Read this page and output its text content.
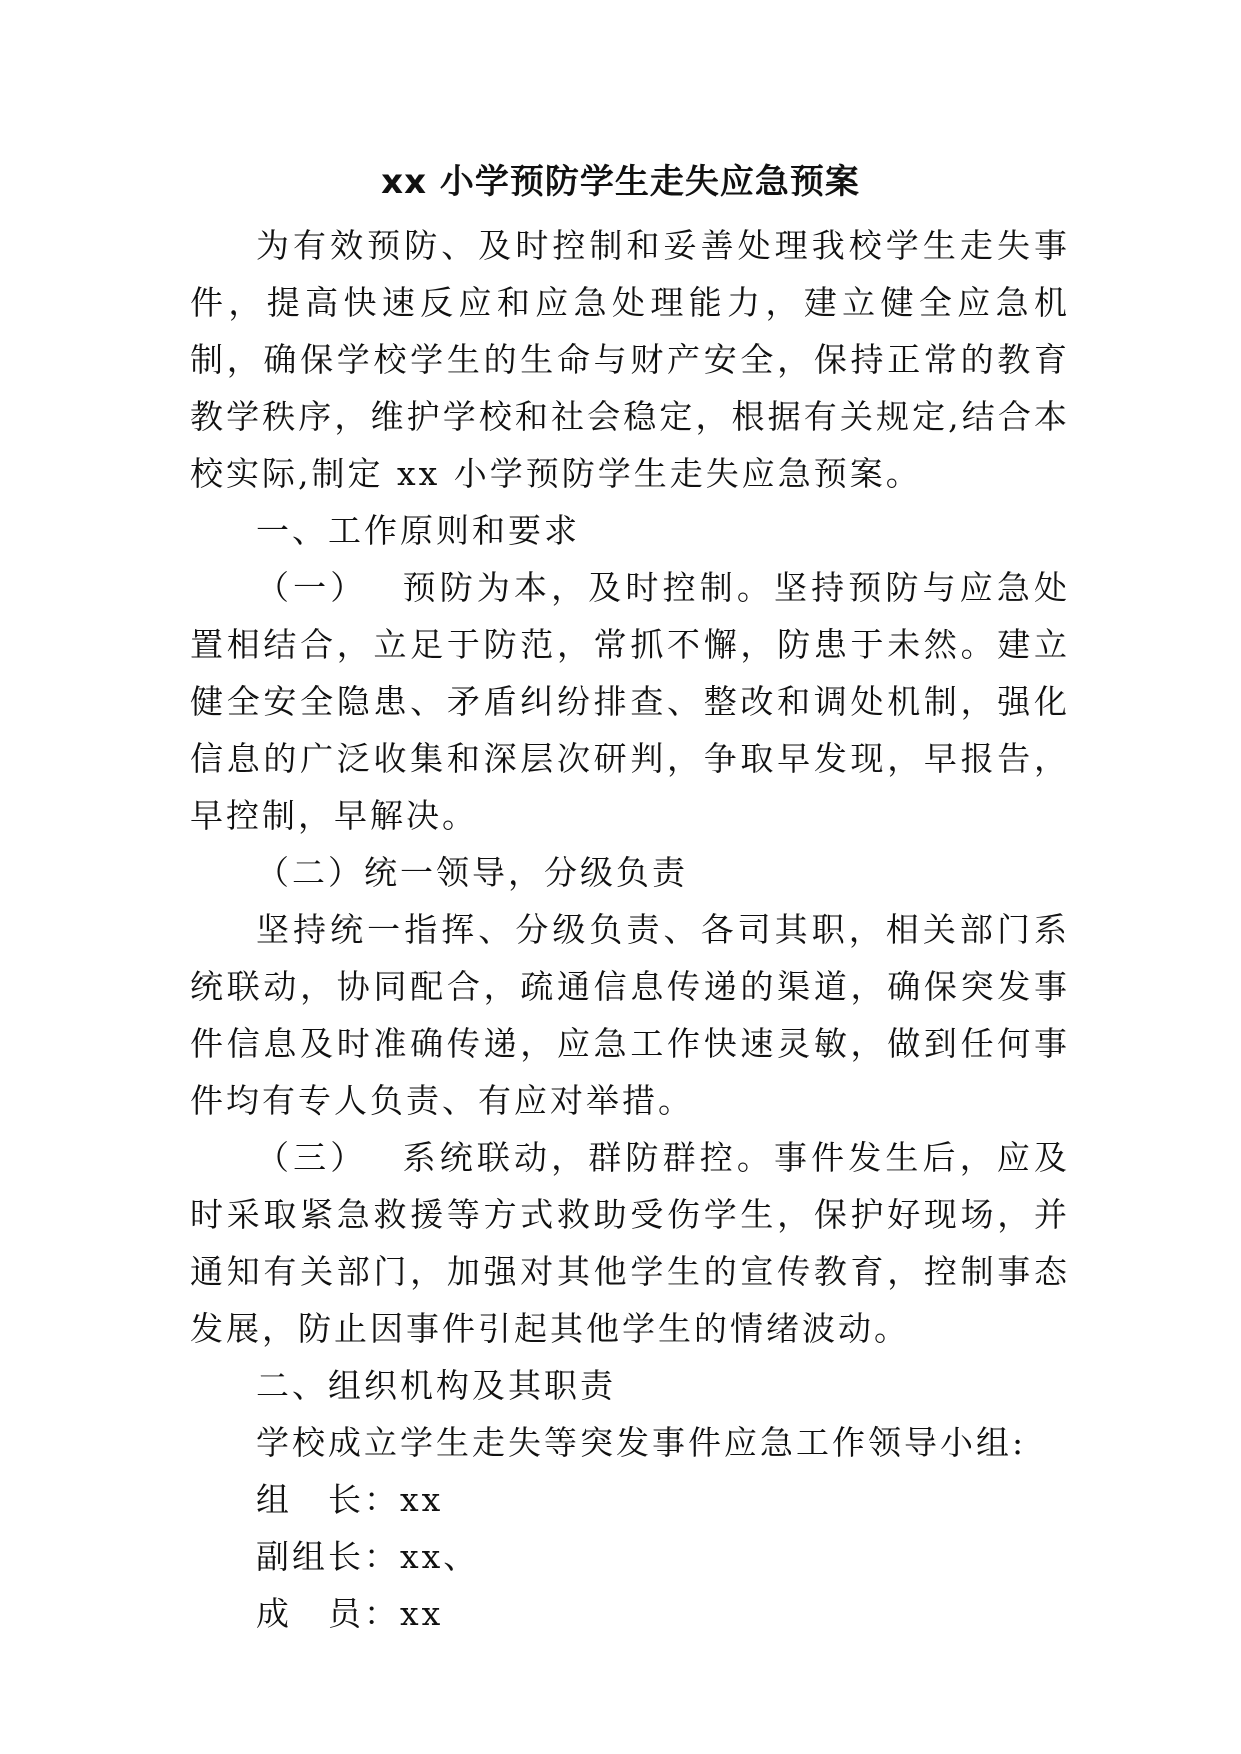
xx 小学预防学生走失应急预案

为有效预防、及时控制和妥善处理我校学生走失事件，提高快速反应和应急处理能力，建立健全应急机制，确保学校学生的生命与财产安全，保持正常的教育教学秩序，维护学校和社会稳定，根据有关规定,结合本校实际,制定 xx 小学预防学生走失应急预案。

一、工作原则和要求

（一） 预防为本，及时控制。坚持预防与应急处置相结合，立足于防范，常抓不懈，防患于未然。建立健全安全隐患、矛盾纠纷排查、整改和调处机制，强化信息的广泛收集和深层次研判，争取早发现，早报告，早控制，早解决。

（二）统一领导，分级负责

坚持统一指挥、分级负责、各司其职，相关部门系统联动，协同配合，疏通信息传递的渠道，确保突发事件信息及时准确传递，应急工作快速灵敏，做到任何事件均有专人负责、有应对举措。

（三） 系统联动，群防群控。事件发生后，应及时采取紧急救援等方式救助受伤学生，保护好现场，并通知有关部门，加强对其他学生的宣传教育，控制事态发展，防止因事件引起其他学生的情绪波动。

二、组织机构及其职责

学校成立学生走失等突发事件应急工作领导小组:

组　长：xx

副组长：xx、

成　员：xx
